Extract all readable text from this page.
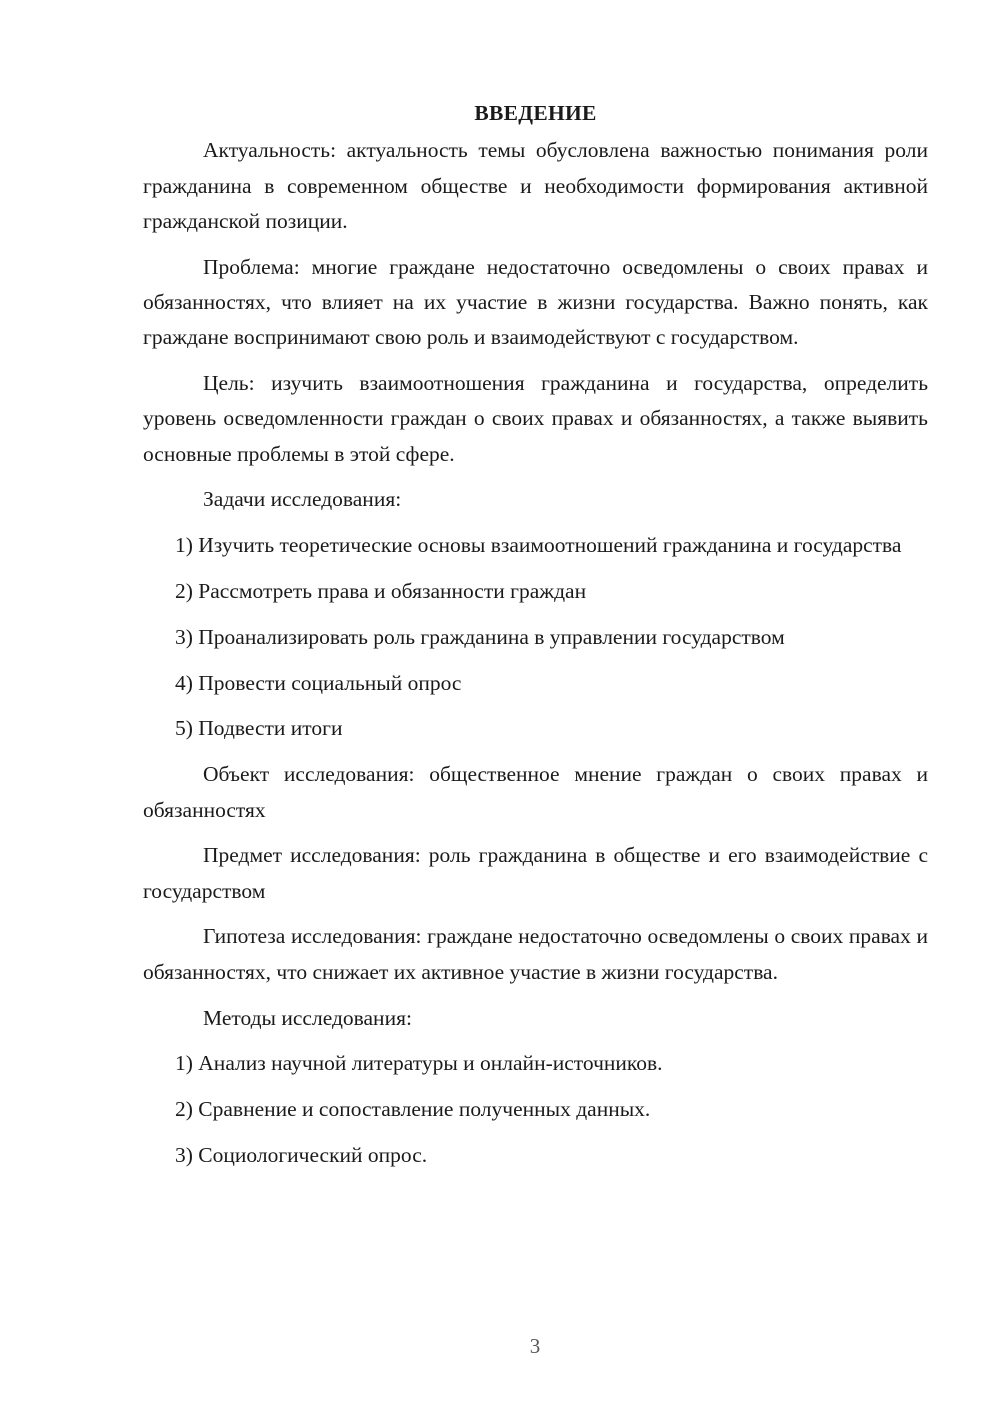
ВВЕДЕНИЕ
Актуальность: актуальность темы обусловлена важностью понимания роли гражданина в современном обществе и необходимости формирования активной гражданской позиции.
Проблема: многие граждане недостаточно осведомлены о своих правах и обязанностях, что влияет на их участие в жизни государства. Важно понять, как граждане воспринимают свою роль и взаимодействуют с государством.
Цель: изучить взаимоотношения гражданина и государства, определить уровень осведомленности граждан о своих правах и обязанностях, а также выявить основные проблемы в этой сфере.
Задачи исследования:
1) Изучить теоретические основы взаимоотношений гражданина и государства
2) Рассмотреть права и обязанности граждан
3) Проанализировать роль гражданина в управлении государством
4) Провести социальный опрос
5) Подвести итоги
Объект исследования: общественное мнение граждан о своих правах и обязанностях
Предмет исследования: роль гражданина в обществе и его взаимодействие с государством
Гипотеза исследования: граждане недостаточно осведомлены о своих правах и обязанностях, что снижает их активное участие в жизни государства.
Методы исследования:
1) Анализ научной литературы и онлайн-источников.
2) Сравнение и сопоставление полученных данных.
3) Социологический опрос.
3
